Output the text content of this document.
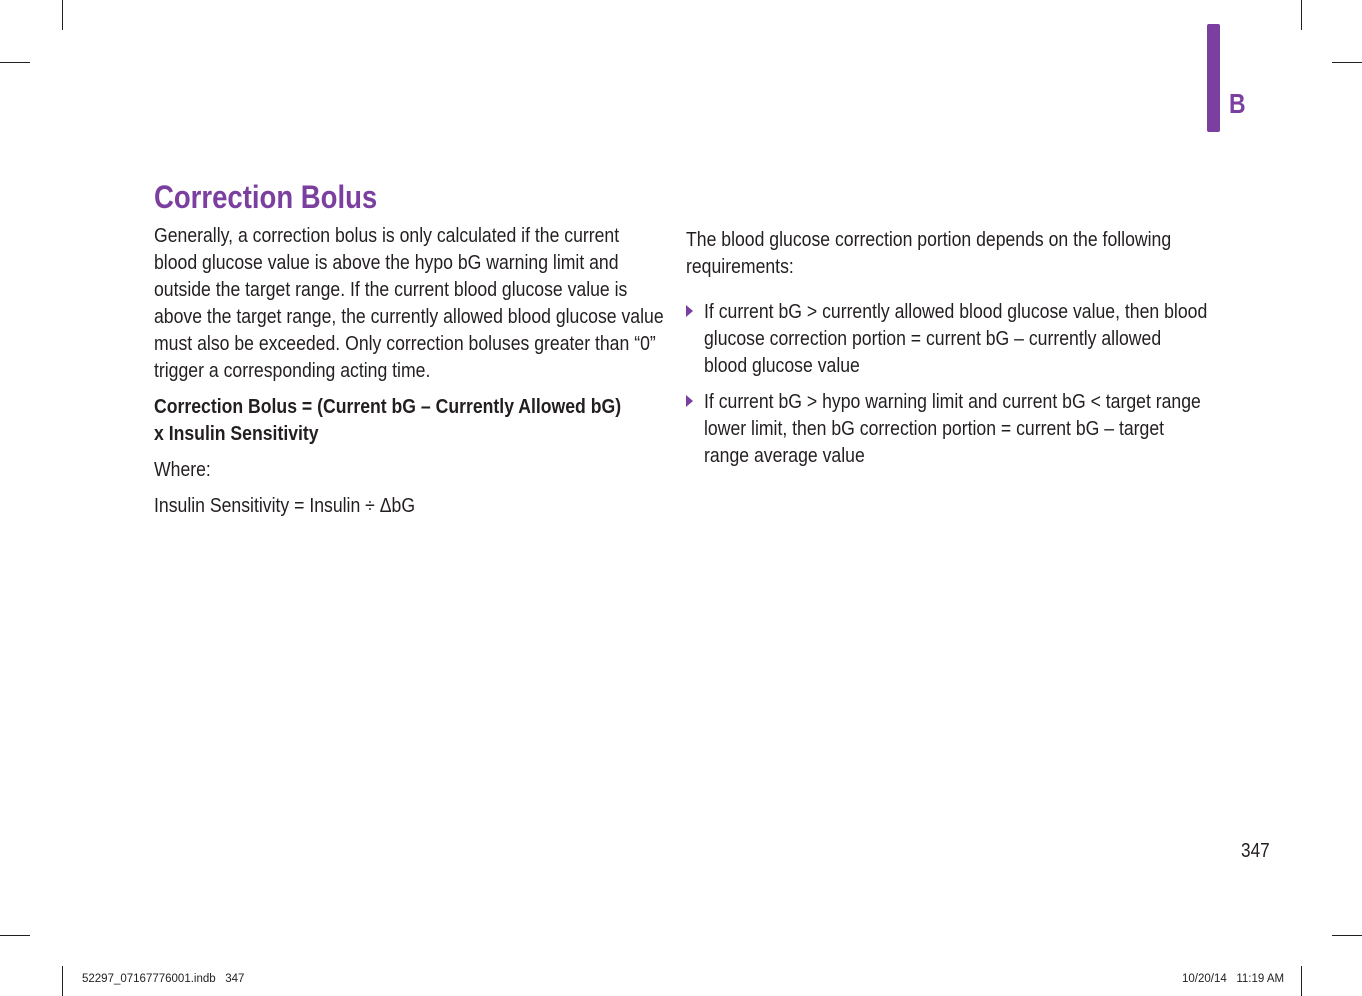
B
Correction Bolus
Generally, a correction bolus is only calculated if the current
blood glucose value is above the hypo bG warning limit and
outside the target range. If the current blood glucose value is
above the target range, the currently allowed blood glucose value
must also be exceeded. Only correction boluses greater than “0”
trigger a corresponding acting time.
Correction Bolus = (Current bG – Currently Allowed bG)
x Insulin Sensitivity
Where:
Insulin Sensitivity = Insulin ÷ ΔbG
The blood glucose correction portion depends on the following
requirements:
If current bG > currently allowed blood glucose value, then blood
glucose correction portion = current bG – currently allowed
blood glucose value
If current bG > hypo warning limit and current bG < target range
lower limit, then bG correction portion = current bG – target
range average value
347
52297_07167776001.indb   347	10/20/14   11:19 AM
